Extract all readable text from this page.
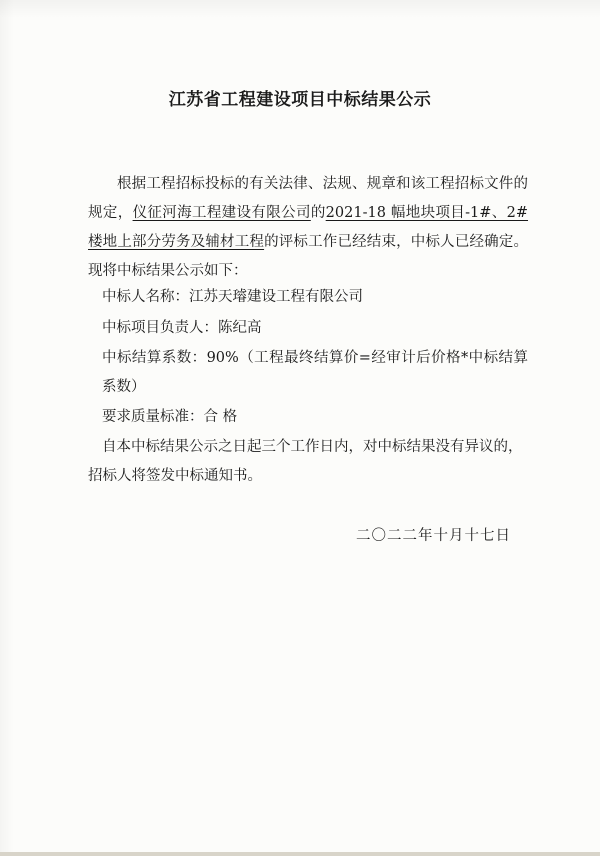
江苏省工程建设项目中标结果公示
根据工程招标投标的有关法律、法规、规章和该工程招标文件的规定，仪征河海工程建设有限公司的2021-18 幅地块项目-1#、2#楼地上部分劳务及辅材工程的评标工作已经结束，中标人已经确定。现将中标结果公示如下：
中标人名称：江苏天璿建设工程有限公司
中标项目负责人：陈纪高
中标结算系数：90%（工程最终结算价=经审计后价格*中标结算系数）
要求质量标准：合 格
自本中标结果公示之日起三个工作日内，对中标结果没有异议的，招标人将签发中标通知书。
二〇二二年十月十七日
